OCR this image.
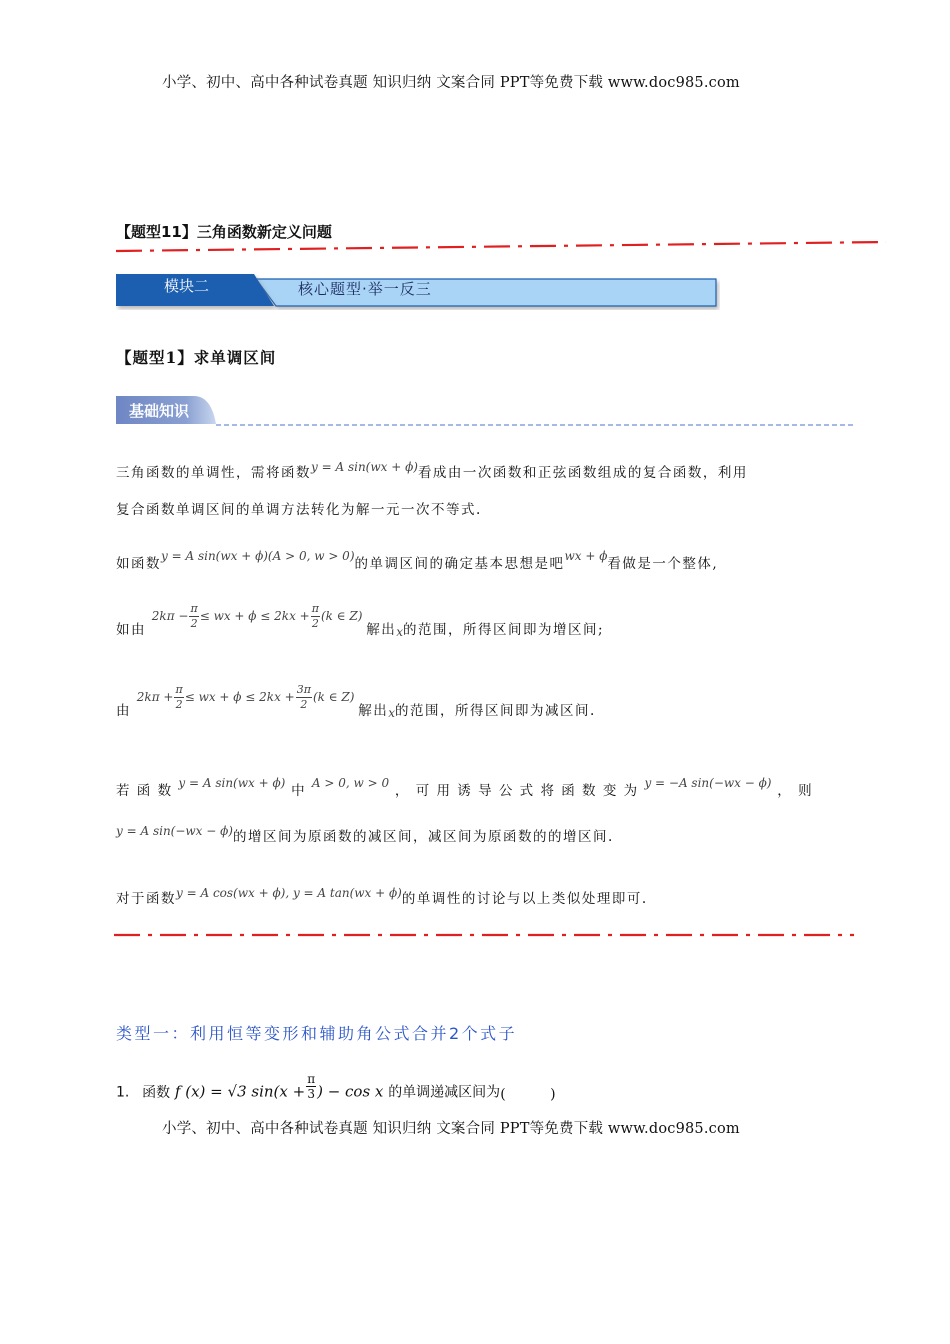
小学、初中、高中各种试卷真题 知识归纳 文案合同 PPT等免费下载 www.doc985.com
【题型11】三角函数新定义问题
模块二	核心题型·举一反三
【题型1】求单调区间
基础知识
三角函数的单调性，需将函数y = A sin(wx + ϕ)看成由一次函数和正弦函数组成的复合函数，利用
复合函数单调区间的单调方法转化为解一元一次不等式.
如函数y = A sin(wx + ϕ)(A > 0, w > 0)的单调区间的确定基本思想是吧wx + ϕ看做是一个整体,
如由 $2k\pi - \frac{\pi}{2}$ ≤ wx + $\phi \le 2kx + \frac{\pi}{2} (k$ ∈ Z) 解出x的范围，所得区间即为增区间;
由 $2k\pi + \frac{\pi}{2}$ ≤ wx + $\phi \le 2kx + \frac{3\pi}{2} (k$ ∈ Z) 解出x的范围，所得区间即为减区间.
若 函 数 y = A sin(wx + ϕ) 中 A > 0, w > 0 ， 可 用 诱 导 公 式 将 函 数 变 为 y = −A sin(−wx − ϕ) ， 则
y = A sin(−wx − ϕ)的增区间为原函数的减区间，减区间为原函数的的增区间.
对于函数y = A cos(wx + ϕ), y = A tan(wx + ϕ)的单调性的讨论与以上类似处理即可.
类型一：利用恒等变形和辅助角公式合并2个式子
1. 函数 f (x) = √3 $\sin(x + \frac{\pi}{3}$ ) − cos x 的单调递减区间为(          )
小学、初中、高中各种试卷真题 知识归纳 文案合同 PPT等免费下载 www.doc985.com
